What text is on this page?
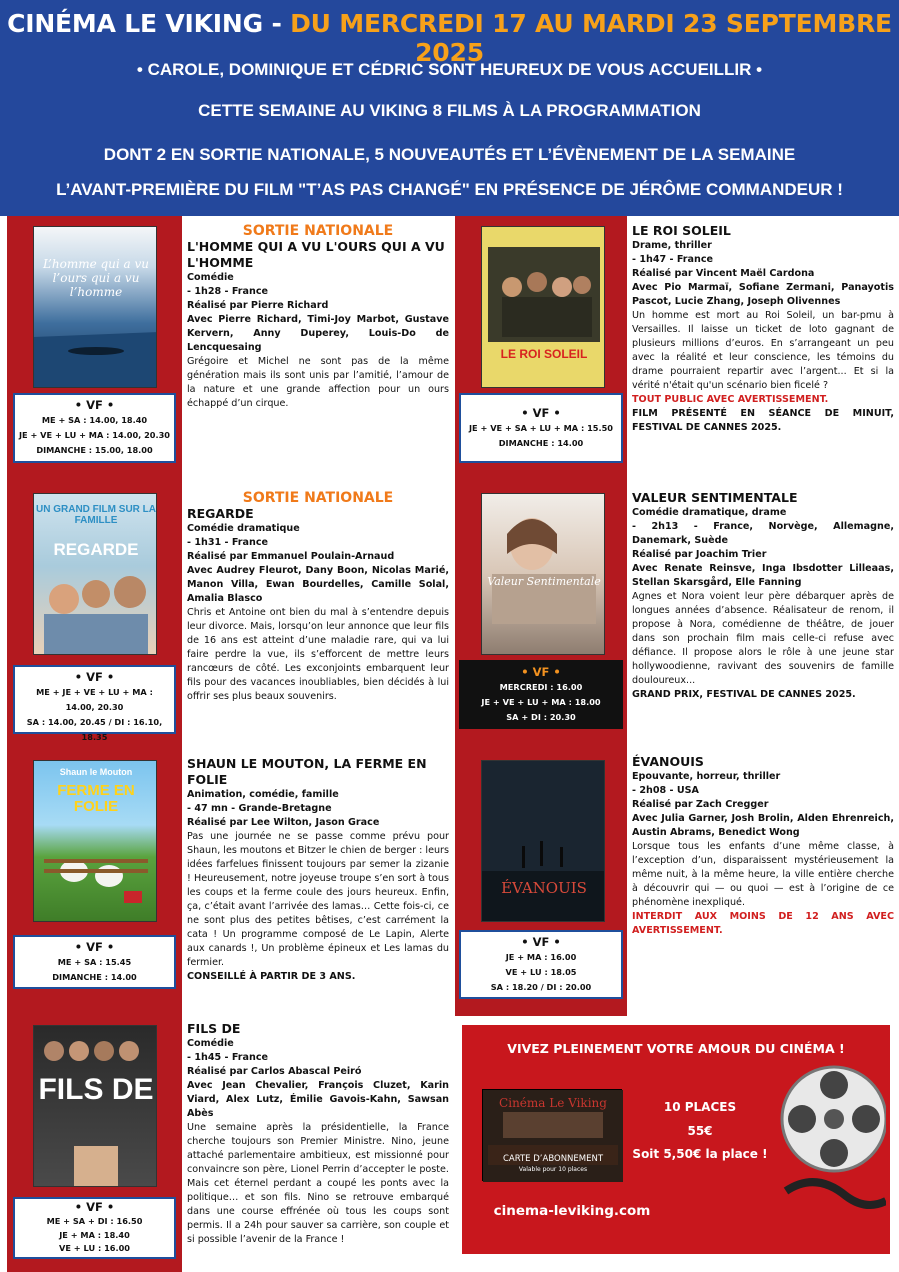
CINÉMA LE VIKING - DU MERCREDI 17 AU MARDI 23 SEPTEMBRE 2025
• CAROLE, DOMINIQUE ET CÉDRIC SONT HEUREUX DE VOUS ACCUEILLIR •
CETTE SEMAINE AU VIKING 8 FILMS À LA PROGRAMMATION
DONT 2 EN SORTIE NATIONALE, 5 NOUVEAUTÉS ET L’ÉVÈNEMENT DE LA SEMAINE
L’AVANT-PREMIÈRE DU FILM "T’AS PAS CHANGÉ" EN PRÉSENCE DE JÉRÔME COMMANDEUR !
L’homme qui a vu l’ours qui a vu l’homme
• VF •
ME + SA : 14.00, 18.40
JE + VE + LU + MA : 14.00, 20.30
DIMANCHE : 15.00, 18.00
SORTIE NATIONALE
L'HOMME QUI A VU L'OURS QUI A VU L'HOMME
Comédie
- 1h28 - France
Réalisé par Pierre Richard
Avec Pierre Richard, Timi-Joy Marbot, Gustave Kervern, Anny Duperey, Louis-Do de Lencquesaing
Grégoire et Michel ne sont pas de la même génération mais ils sont unis par l’amitié, l’amour de la nature et une grande affection pour un ours échappé d’un cirque.
LE ROI SOLEIL
• VF •
JE + VE + SA + LU + MA : 15.50
DIMANCHE : 14.00
LE ROI SOLEIL
Drame, thriller
- 1h47 - France
Réalisé par Vincent Maël Cardona
Avec Pio Marmaï, Sofiane Zermani, Panayotis Pascot, Lucie Zhang, Joseph Olivennes
Un homme est mort au Roi Soleil, un bar-pmu à Versailles. Il laisse un ticket de loto gagnant de plusieurs millions d’euros. En s’arrangeant un peu avec la réalité et leur conscience, les témoins du drame pourraient repartir avec l’argent... Et si la vérité n'était qu'un scénario bien ficelé ?
TOUT PUBLIC AVEC AVERTISSEMENT.
FILM PRÉSENTÉ EN SÉANCE DE MINUIT, FESTIVAL DE CANNES 2025.
UN GRAND FILM SUR LA FAMILLE
REGARDE
• VF •
ME + JE + VE + LU + MA :
14.00, 20.30
SA : 14.00, 20.45 / DI : 16.10, 18.35
SORTIE NATIONALE
REGARDE
Comédie dramatique
- 1h31 - France
Réalisé par Emmanuel Poulain-Arnaud
Avec Audrey Fleurot, Dany Boon, Nicolas Marié, Manon Villa, Ewan Bourdelles, Camille Solal, Amalia Blasco
Chris et Antoine ont bien du mal à s’entendre depuis leur divorce. Mais, lorsqu’on leur annonce que leur fils de 16 ans est atteint d’une maladie rare, qui va lui faire perdre la vue, ils s’efforcent de mettre leurs rancœurs de côté. Les exconjoints embarquent leur fils pour des vacances inoubliables, bien décidés à lui offrir ses plus beaux souvenirs.
Valeur Sentimentale
• VF •
MERCREDI : 16.00
JE + VE + LU + MA : 18.00
SA + DI : 20.30
VALEUR SENTIMENTALE
Comédie dramatique, drame
- 2h13 - France, Norvège, Allemagne, Danemark, Suède
Réalisé par Joachim Trier
Avec Renate Reinsve, Inga Ibsdotter Lilleaas, Stellan Skarsgård, Elle Fanning
Agnes et Nora voient leur père débarquer après de longues années d’absence. Réalisateur de renom, il propose à Nora, comédienne de théâtre, de jouer dans son prochain film mais celle-ci refuse avec défiance. Il propose alors le rôle à une jeune star hollywoodienne, ravivant des souvenirs de famille douloureux...
GRAND PRIX, FESTIVAL DE CANNES 2025.
Shaun le Mouton
FERME EN FOLIE
• VF •
ME + SA : 15.45
DIMANCHE : 14.00
SHAUN LE MOUTON, LA FERME EN FOLIE
Animation, comédie, famille
- 47 mn - Grande-Bretagne
Réalisé par Lee Wilton, Jason Grace
Pas une journée ne se passe comme prévu pour Shaun, les moutons et Bitzer le chien de berger : leurs idées farfelues finissent toujours par semer la zizanie ! Heureusement, notre joyeuse troupe s’en sort à tous les coups et la ferme coule des jours heureux. Enfin, ça, c’était avant l’arrivée des lamas… Cette fois-ci, ce ne sont plus des petites bêtises, c’est carrément la cata ! Un programme composé de Le Lapin, Alerte aux canards !, Un problème épineux et Les lamas du fermier.
CONSEILLÉ À PARTIR DE 3 ANS.
ÉVANOUIS
• VF •
JE + MA : 16.00
VE + LU : 18.05
SA : 18.20 / DI : 20.00
ÉVANOUIS
Epouvante, horreur, thriller
- 2h08 - USA
Réalisé par Zach Cregger
Avec Julia Garner, Josh Brolin, Alden Ehrenreich, Austin Abrams, Benedict Wong
Lorsque tous les enfants d’une même classe, à l’exception d’un, disparaissent mystérieusement la même nuit, à la même heure, la ville entière cherche à découvrir qui — ou quoi — est à l’origine de ce phénomène inexpliqué.
INTERDIT AUX MOINS DE 12 ANS AVEC AVERTISSEMENT.
FILS DE
• VF •
ME + SA + DI : 16.50
JE + MA : 18.40
VE + LU : 16.00
FILS DE
Comédie
- 1h45 - France
Réalisé par Carlos Abascal Peiró
Avec Jean Chevalier, François Cluzet, Karin Viard, Alex Lutz, Émilie Gavois-Kahn, Sawsan Abès
Une semaine après la présidentielle, la France cherche toujours son Premier Ministre. Nino, jeune attaché parlementaire ambitieux, est missionné pour convaincre son père, Lionel Perrin d’accepter le poste. Mais cet éternel perdant a coupé les ponts avec la politique… et son fils. Nino se retrouve embarqué dans une course effrénée où tous les coups sont permis. Il a 24h pour sauver sa carrière, son couple et si possible l’avenir de la France !
VIVEZ PLEINEMENT VOTRE AMOUR DU CINÉMA !
Cinéma Le Viking
CARTE D’ABONNEMENT
Valable pour 10 places
10 PLACES
55€
Soit 5,50€ la place !
cinema-leviking.com
